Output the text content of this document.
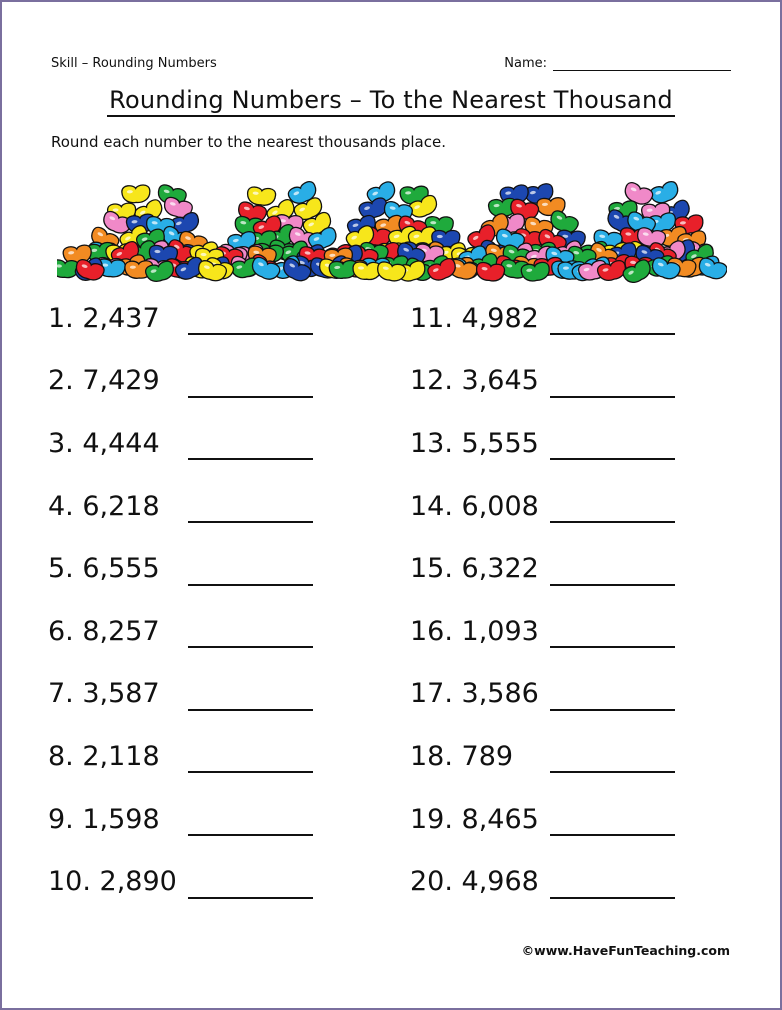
Skill – Rounding Numbers	Name:
Rounding Numbers – To the Nearest Thousand
Round each number to the nearest thousands place.
1. 2,437
2. 7,429
3. 4,444
4. 6,218
5. 6,555
6. 8,257
7. 3,587
8. 2,118
9. 1,598
10. 2,890
11. 4,982
12. 3,645
13. 5,555
14. 6,008
15. 6,322
16. 1,093
17. 3,586
18. 789
19. 8,465
20. 4,968
©www.HaveFunTeaching.com
